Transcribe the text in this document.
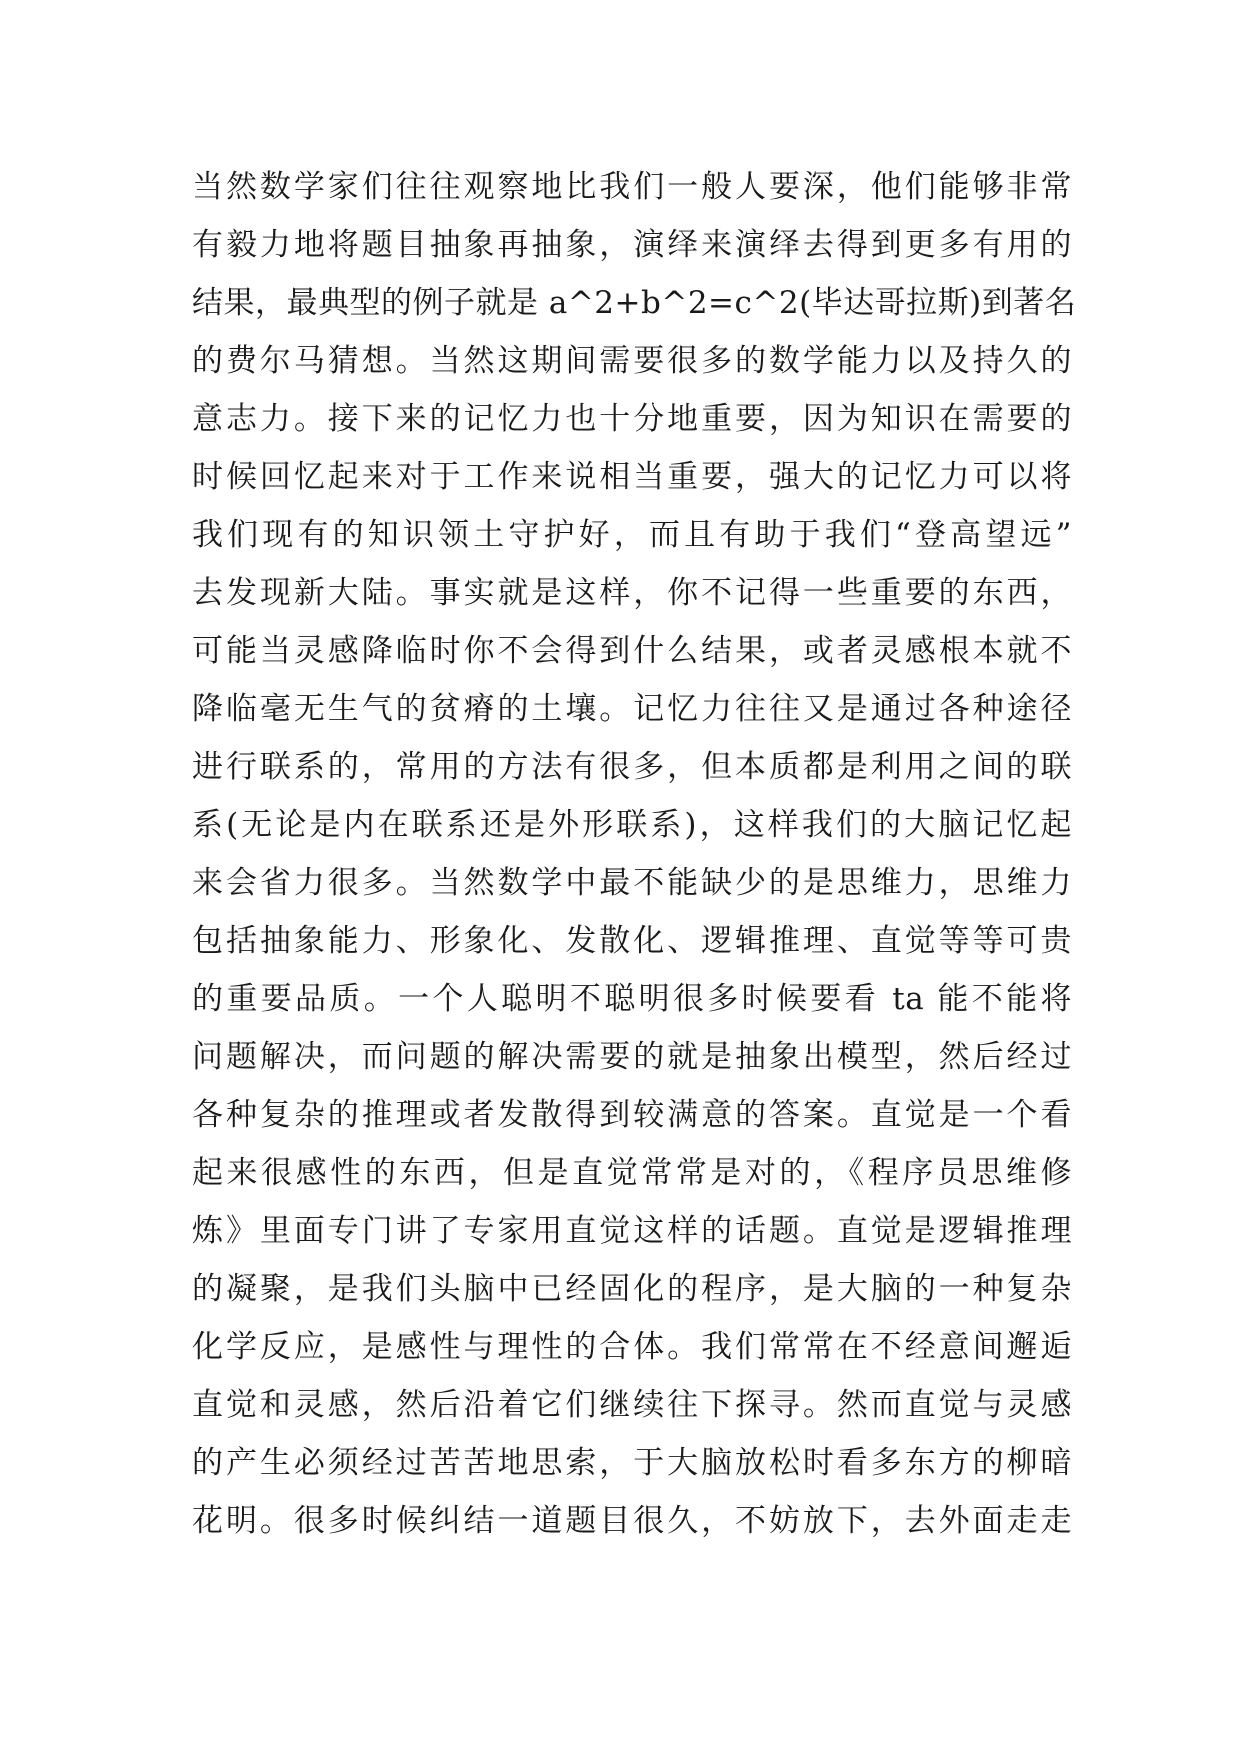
当然数学家们往往观察地比我们一般人要深，他们能够非常
有毅力地将题目抽象再抽象，演绎来演绎去得到更多有用的
结果，最典型的例子就是 a^2+b^2=c^2(毕达哥拉斯)到著名
的费尔马猜想。当然这期间需要很多的数学能力以及持久的
意志力。接下来的记忆力也十分地重要，因为知识在需要的
时候回忆起来对于工作来说相当重要，强大的记忆力可以将
我们现有的知识领土守护好，而且有助于我们“登高望远”
去发现新大陆。事实就是这样，你不记得一些重要的东西，
可能当灵感降临时你不会得到什么结果，或者灵感根本就不
降临毫无生气的贫瘠的土壤。记忆力往往又是通过各种途径
进行联系的，常用的方法有很多，但本质都是利用之间的联
系(无论是内在联系还是外形联系)，这样我们的大脑记忆起
来会省力很多。当然数学中最不能缺少的是思维力，思维力
包括抽象能力、形象化、发散化、逻辑推理、直觉等等可贵
的重要品质。一个人聪明不聪明很多时候要看 ta 能不能将
问题解决，而问题的解决需要的就是抽象出模型，然后经过
各种复杂的推理或者发散得到较满意的答案。直觉是一个看
起来很感性的东西，但是直觉常常是对的，《程序员思维修
炼》里面专门讲了专家用直觉这样的话题。直觉是逻辑推理
的凝聚，是我们头脑中已经固化的程序，是大脑的一种复杂
化学反应，是感性与理性的合体。我们常常在不经意间邂逅
直觉和灵感，然后沿着它们继续往下探寻。然而直觉与灵感
的产生必须经过苦苦地思索，于大脑放松时看多东方的柳暗
花明。很多时候纠结一道题目很久，不妨放下，去外面走走
